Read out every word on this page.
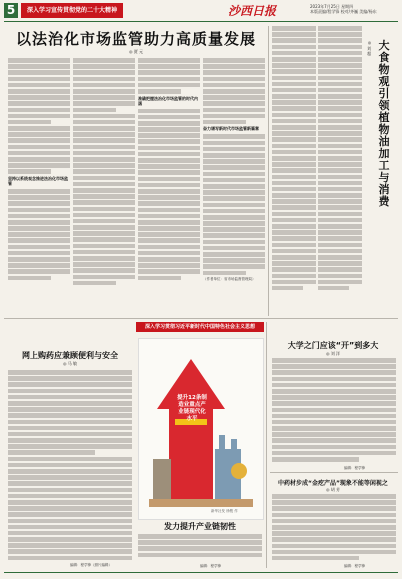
5	深入学习宣传贯彻党的二十大精神	沙西日报	2023年7月25日 星期四
本版责编/程学锋 校对/齐巍 美编/杨东
以法治化市场监管助力高质量发展
◎ 贾 元
坚持以系统观念推进法治化市场监管
准确把握法治化市场监管的时代内涵
奋力谱写新时代市场监管新篇章
（作者单位：省市场监督管理局）
◎ 刘 超 大食物观引领植物油加工与消费
深入学习贯彻习近平新时代中国特色社会主义思想
网上购药应兼顾便利与安全
◎ 马 敏
编辑：程学锋（照片编辑）
提升12条制造业重点产业链现代化水平
新华社发 徐骏 作
发力提升产业链韧性
编辑：程学锋
大学之门应该“开”到多大
◎ 刘 洋
编辑：程学锋
中药材步成“金疙产品”现象不能等闲视之
◎ 胡 芳
编辑：程学锋
